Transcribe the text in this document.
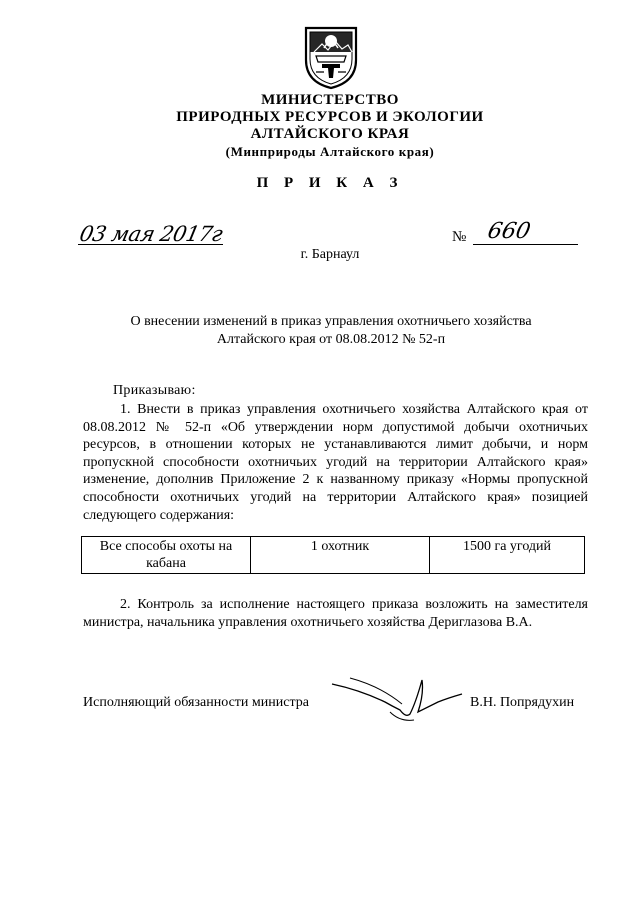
МИНИСТЕРСТВО
ПРИРОДНЫХ РЕСУРСОВ И ЭКОЛОГИИ
АЛТАЙСКОГО КРАЯ
(Минприроды Алтайского края)
П Р И К А З
03 мая 2017г	№ 660
г. Барнаул
О внесении изменений в приказ управления охотничьего хозяйства
Алтайского края от 08.08.2012 № 52-п
Приказываю:
1. Внести в приказ управления охотничьего хозяйства Алтайского края от 08.08.2012 № 52-п «Об утверждении норм допустимой добычи охотничьих ресурсов, в отношении которых не устанавливаются лимит добычи, и норм пропускной способности охотничьих угодий на территории Алтайского края» изменение, дополнив Приложение 2 к названному приказу «Нормы пропускной способности охотничьих угодий на территории Алтайского края» позицией следующего содержания:
Все способы охоты на кабана	1 охотник	1500 га угодий
2. Контроль за исполнение настоящего приказа возложить на заместителя министра, начальника управления охотничьего хозяйства Дериглазова В.А.
Исполняющий обязанности министра	В.Н. Попрядухин
